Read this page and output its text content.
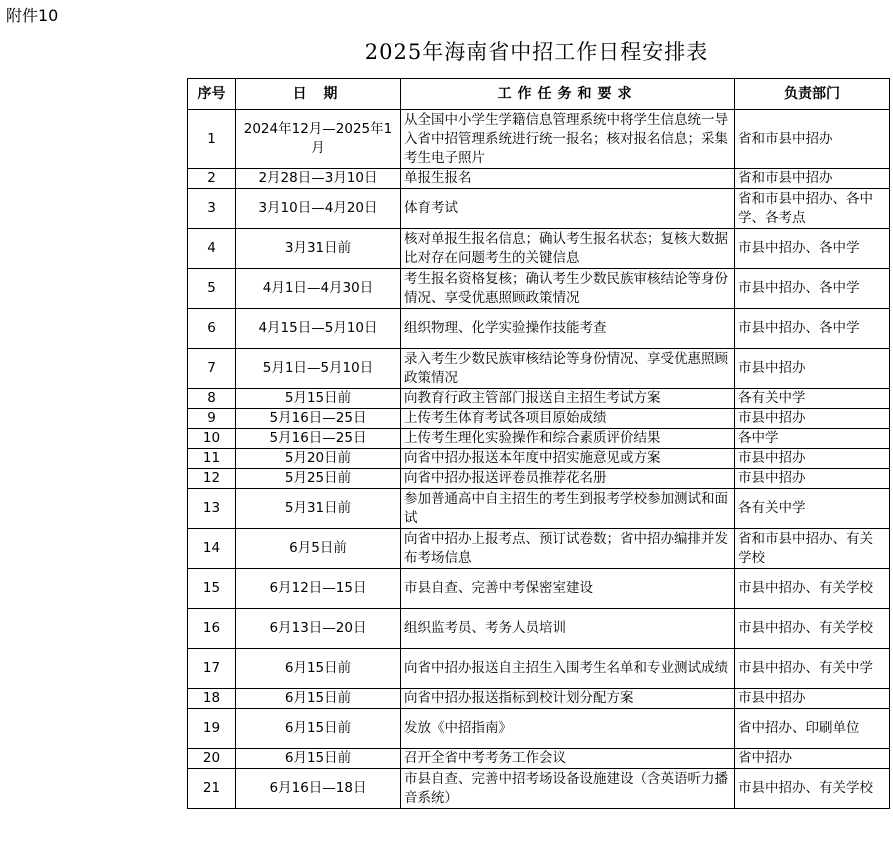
附件10
2025年海南省中招工作日程安排表
序号	日 期	工作任务和要求	负责部门
1	2024年12月—2025年1月	从全国中小学生学籍信息管理系统中将学生信息统一导入省中招管理系统进行统一报名；核对报名信息；采集考生电子照片	省和市县中招办
2	2月28日—3月10日	单报生报名	省和市县中招办
3	3月10日—4月20日	体育考试	省和市县中招办、各中学、各考点
4	3月31日前	核对单报生报名信息；确认考生报名状态；复核大数据比对存在问题考生的关键信息	市县中招办、各中学
5	4月1日—4月30日	考生报名资格复核；确认考生少数民族审核结论等身份情况、享受优惠照顾政策情况	市县中招办、各中学
6	4月15日—5月10日	组织物理、化学实验操作技能考查	市县中招办、各中学
7	5月1日—5月10日	录入考生少数民族审核结论等身份情况、享受优惠照顾政策情况	市县中招办
8	5月15日前	向教育行政主管部门报送自主招生考试方案	各有关中学
9	5月16日—25日	上传考生体育考试各项目原始成绩	市县中招办
10	5月16日—25日	上传考生理化实验操作和综合素质评价结果	各中学
11	5月20日前	向省中招办报送本年度中招实施意见或方案	市县中招办
12	5月25日前	向省中招办报送评卷员推荐花名册	市县中招办
13	5月31日前	参加普通高中自主招生的考生到报考学校参加测试和面试	各有关中学
14	6月5日前	向省中招办上报考点、预订试卷数；省中招办编排并发布考场信息	省和市县中招办、有关学校
15	6月12日—15日	市县自查、完善中考保密室建设	市县中招办、有关学校
16	6月13日—20日	组织监考员、考务人员培训	市县中招办、有关学校
17	6月15日前	向省中招办报送自主招生入围考生名单和专业测试成绩	市县中招办、有关中学
18	6月15日前	向省中招办报送指标到校计划分配方案	市县中招办
19	6月15日前	发放《中招指南》	省中招办、印刷单位
20	6月15日前	召开全省中考考务工作会议	省中招办
21	6月16日—18日	市县自查、完善中招考场设备设施建设（含英语听力播音系统）	市县中招办、有关学校
